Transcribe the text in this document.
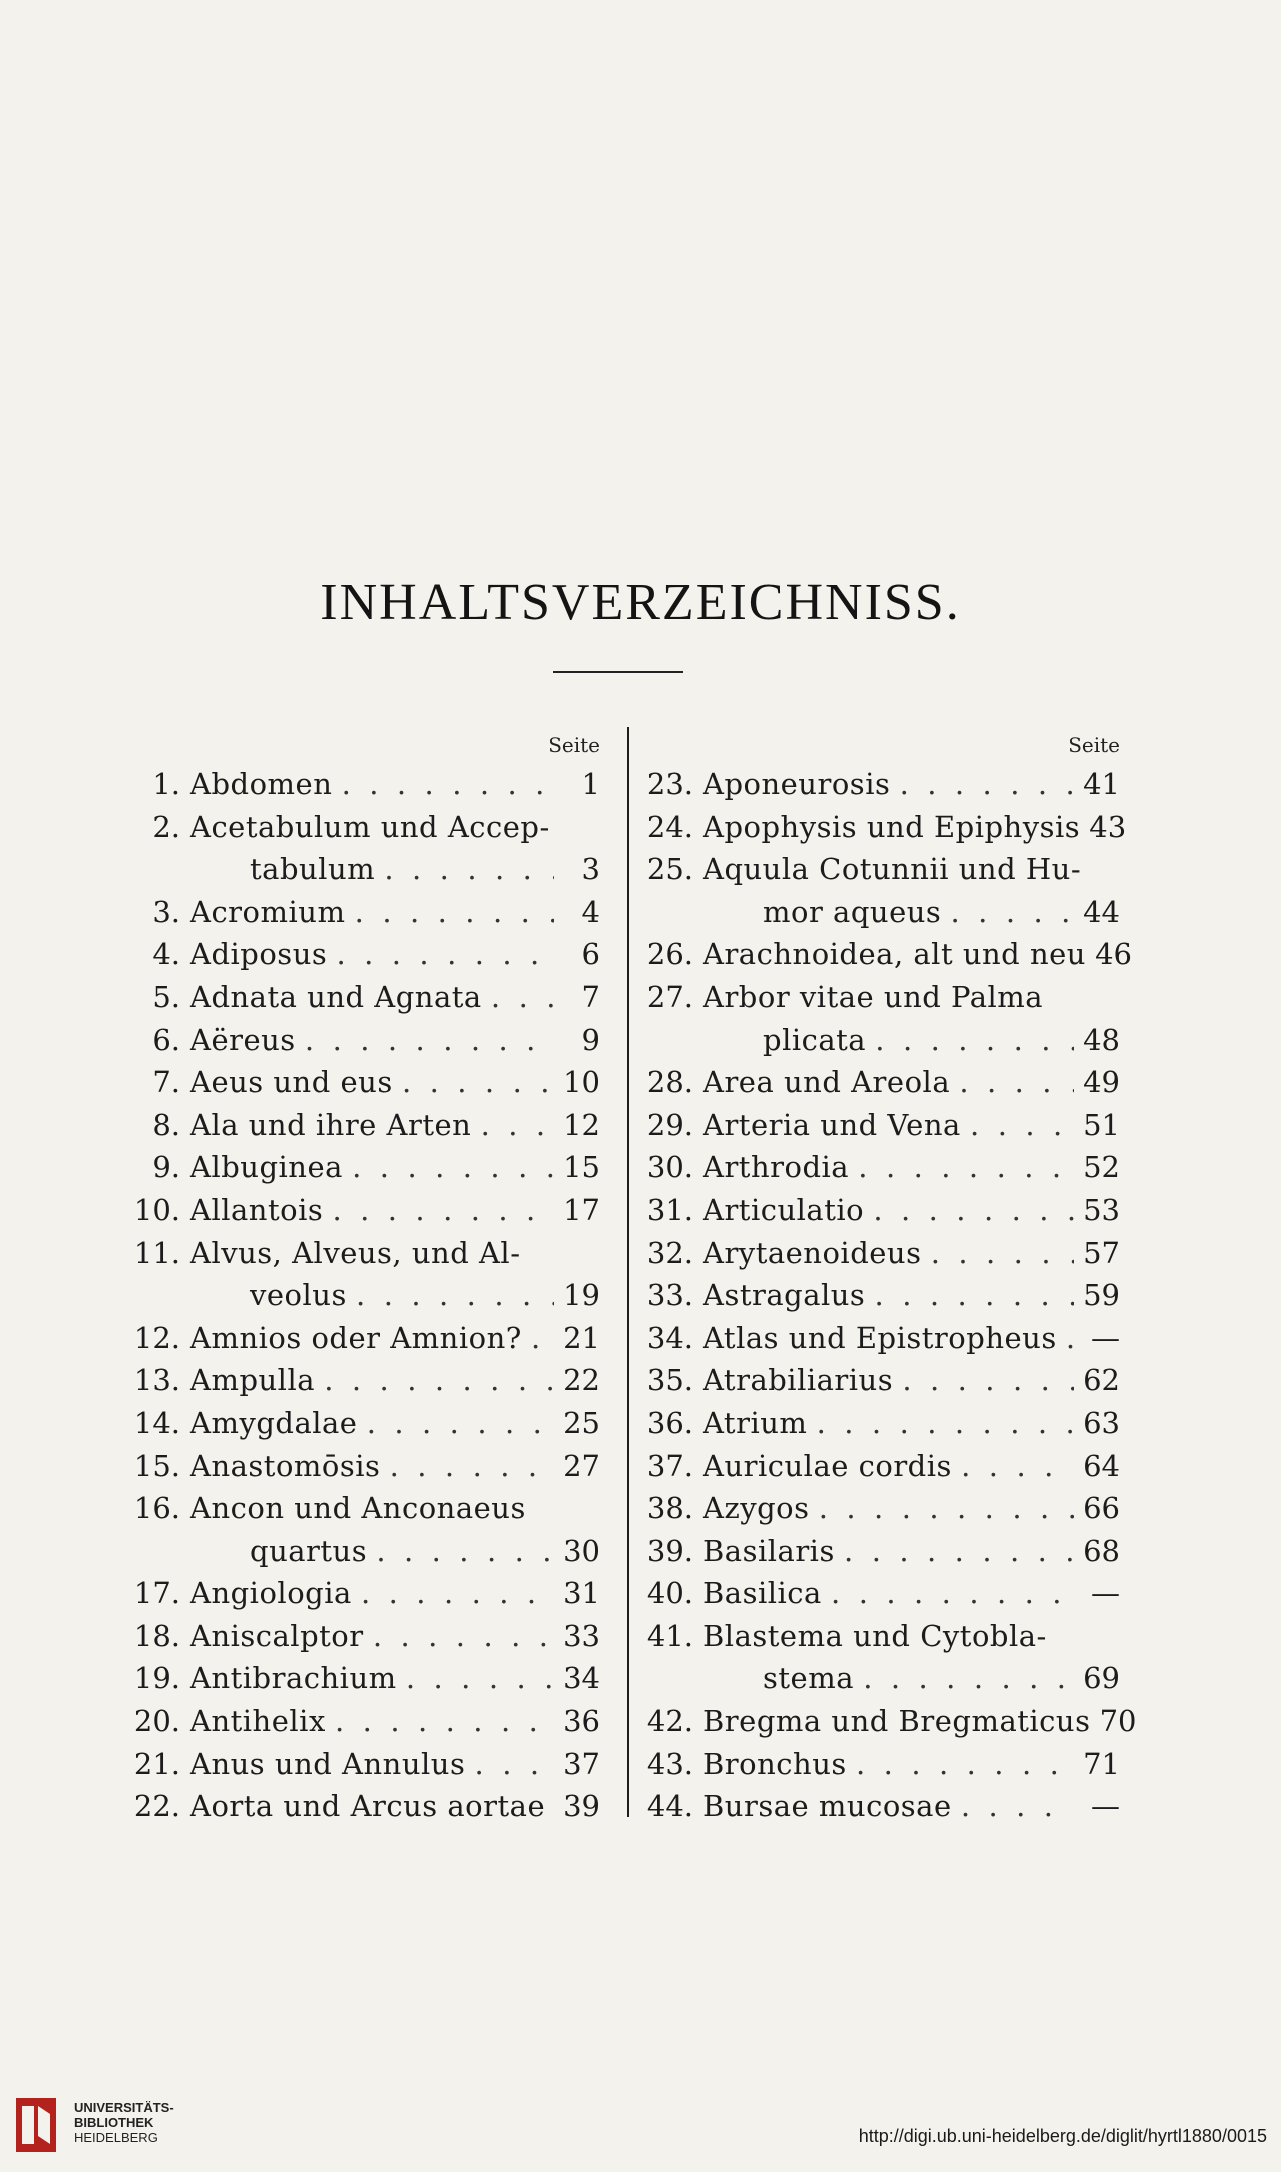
INHALTSVERZEICHNISS.
Seite
1. Abdomen . .	1
2. Acetabulum und Accep-
tabulum . .	3
3. Acromium . .	4
4. Adiposus . .	6
5. Adnata und Agnata . .	7
6. Aëreus . .	9
7. Aeus und eus . .	10
8. Ala und ihre Arten . .	12
9. Albuginea . .	15
10. Allantois . .	17
11. Alvus, Alveus, und Al-
veolus . .	19
12. Amnios oder Amnion? . .	21
13. Ampulla . .	22
14. Amygdalae . .	25
15. Anastomōsis . .	27
16. Ancon und Anconaeus
quartus . .	30
17. Angiologia . .	31
18. Aniscalptor . .	33
19. Antibrachium . .	34
20. Antihelix . .	36
21. Anus und Annulus . .	37
22. Aorta und Arcus aortae . . 39
Seite
23. Aponeurosis . .	41
24. Apophysis und Epiphysis 43
25. Aquula Cotunnii und Hu-
mor aqueus . .	44
26. Arachnoidea, alt und neu 46
27. Arbor vitae und Palma
plicata . .	48
28. Area und Areola . .	49
29. Arteria und Vena . .	51
30. Arthrodia . .	52
31. Articulatio . .	53
32. Arytaenoideus . .	57
33. Astragalus . .	59
34. Atlas und Epistropheus . .	—
35. Atrabiliarius . .	62
36. Atrium . .	63
37. Auriculae cordis . .	64
38. Azygos . .	66
39. Basilaris . .	68
40. Basilica . .	—
41. Blastema und Cytobla-
stema . .	69
42. Bregma und Bregmaticus 70
43. Bronchus . .	71
44. Bursae mucosae . .	—
UNIVERSITÄTS-
BIBLIOTHEK
HEIDELBERG	http://digi.ub.uni-heidelberg.de/diglit/hyrtl1880/0015
